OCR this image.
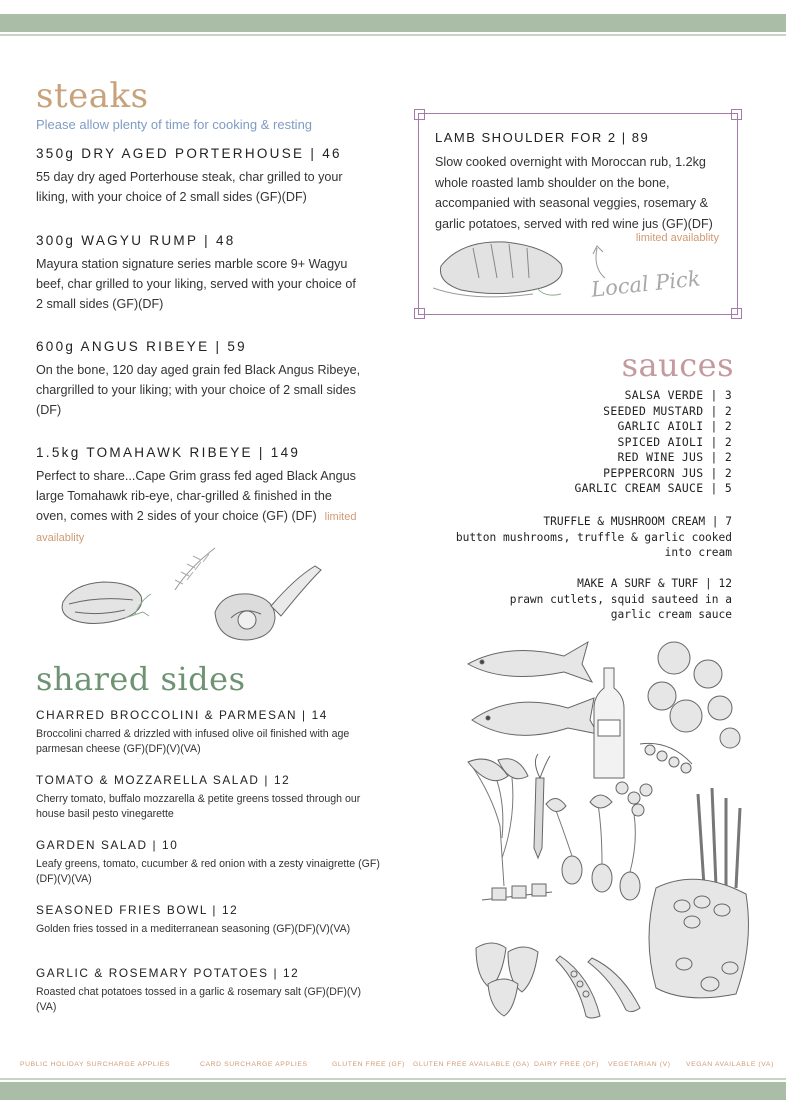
steaks
Please allow plenty of time for cooking & resting
350g DRY AGED PORTERHOUSE | 46
55 day dry aged Porterhouse steak, char grilled to your liking, with your choice of 2 small sides (GF)(DF)
300g WAGYU RUMP | 48
Mayura station signature series marble score 9+ Wagyu beef, char grilled to your liking, served with your choice of 2 small sides (GF)(DF)
600g ANGUS RIBEYE | 59
On the bone, 120 day aged grain fed Black Angus Ribeye, chargrilled to your liking; with your choice of 2 small sides (DF)
1.5kg TOMAHAWK RIBEYE | 149
Perfect to share...Cape Grim grass fed aged Black Angus large Tomahawk rib-eye, char-grilled & finished in the oven, comes with 2 sides of your choice (GF) (DF) limited availablity
shared sides
CHARRED BROCCOLINI & PARMESAN | 14
Broccolini charred & drizzled with infused olive oil finished with age parmesan cheese (GF)(DF)(V)(VA)
TOMATO & MOZZARELLA SALAD | 12
Cherry tomato, buffalo mozzarella & petite greens tossed through our house basil pesto vinegarette
GARDEN SALAD | 10
Leafy greens, tomato, cucumber & red onion with a zesty vinaigrette (GF)(DF)(V)(VA)
SEASONED FRIES BOWL | 12
Golden fries tossed in a mediterranean seasoning (GF)(DF)(V)(VA)
GARLIC & ROSEMARY POTATOES | 12
Roasted chat potatoes tossed in a garlic & rosemary salt (GF)(DF)(V)(VA)
LAMB SHOULDER FOR 2 | 89
Slow cooked overnight with Moroccan rub, 1.2kg whole roasted lamb shoulder on the bone, accompanied with seasonal veggies, rosemary & garlic potatoes, served with red wine jus (GF)(DF)
limited availablity
Local Pick
sauces
SALSA VERDE | 3
SEEDED MUSTARD | 2
GARLIC AIOLI | 2
SPICED AIOLI | 2
RED WINE JUS | 2
PEPPERCORN JUS | 2
GARLIC CREAM SAUCE | 5
TRUFFLE & MUSHROOM CREAM | 7
button mushrooms, truffle & garlic cooked
into cream
MAKE A SURF & TURF | 12
prawn cutlets, squid sauteed in a
garlic cream sauce
PUBLIC HOLIDAY SURCHARGE APPLIES	CARD SURCHARGE APPLIES	GLUTEN FREE (GF) GLUTEN FREE AVAILABLE (GA) DAIRY FREE (DF) VEGETARIAN (V) VEGAN AVAILABLE (VA)
